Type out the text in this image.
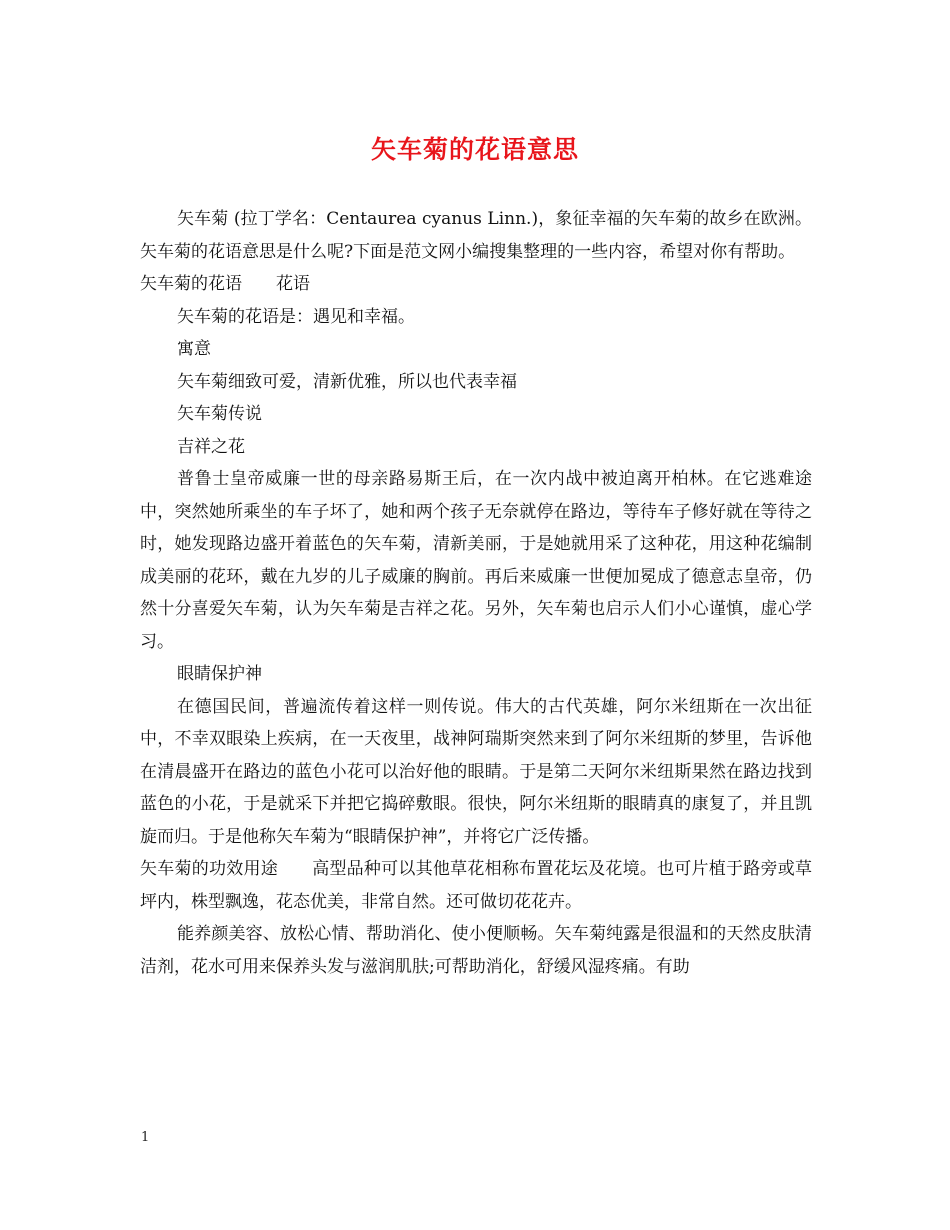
矢车菊的花语意思

矢车菊 (拉丁学名：Centaurea cyanus Linn.)，象征幸福的矢车菊的故乡在欧洲。矢车菊的花语意思是什么呢?下面是范文网小编搜集整理的一些内容，希望对你有帮助。

矢车菊的花语 花语

矢车菊的花语是：遇见和幸福。

寓意

矢车菊细致可爱，清新优雅，所以也代表幸福

矢车菊传说

吉祥之花

普鲁士皇帝威廉一世的母亲路易斯王后，在一次内战中被迫离开柏林。在它逃难途中，突然她所乘坐的车子坏了，她和两个孩子无奈就停在路边，等待车子修好就在等待之时，她发现路边盛开着蓝色的矢车菊，清新美丽，于是她就用采了这种花，用这种花编制成美丽的花环，戴在九岁的儿子威廉的胸前。再后来威廉一世便加冕成了德意志皇帝，仍然十分喜爱矢车菊，认为矢车菊是吉祥之花。另外，矢车菊也启示人们小心谨慎，虚心学习。

眼睛保护神

在德国民间，普遍流传着这样一则传说。伟大的古代英雄，阿尔米纽斯在一次出征中，不幸双眼染上疾病，在一天夜里，战神阿瑞斯突然来到了阿尔米纽斯的梦里，告诉他在清晨盛开在路边的蓝色小花可以治好他的眼睛。于是第二天阿尔米纽斯果然在路边找到蓝色的小花，于是就采下并把它捣碎敷眼。很快，阿尔米纽斯的眼睛真的康复了，并且凯旋而归。于是他称矢车菊为“眼睛保护神”，并将它广泛传播。

矢车菊的功效用途 高型品种可以其他草花相称布置花坛及花境。也可片植于路旁或草坪内，株型飘逸，花态优美，非常自然。还可做切花花卉。

能养颜美容、放松心情、帮助消化、使小便顺畅。矢车菊纯露是很温和的天然皮肤清洁剂，花水可用来保养头发与滋润肌肤;可帮助消化，舒缓风湿疼痛。有助

1
